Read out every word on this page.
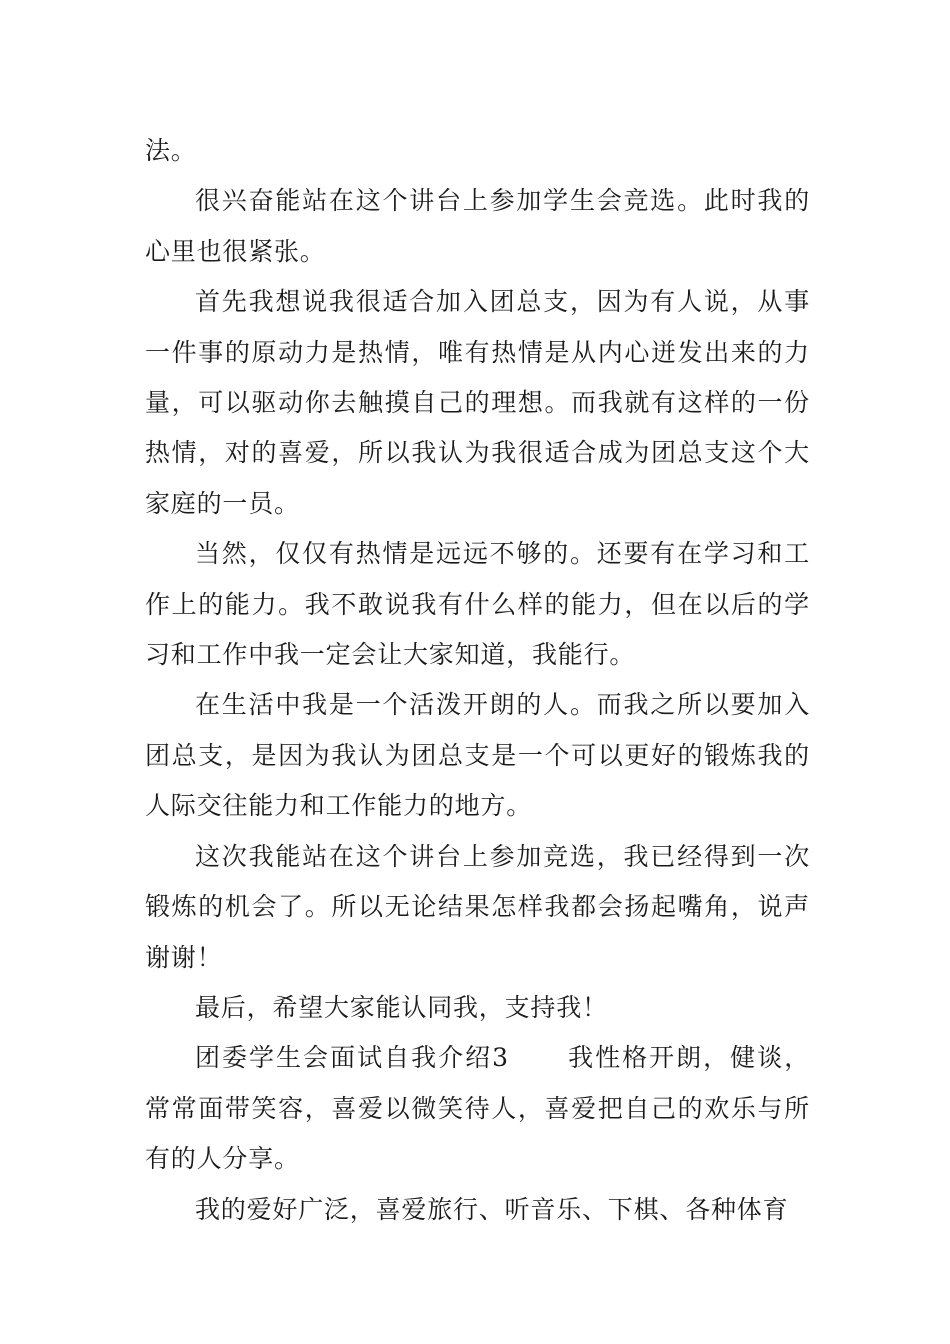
法。

很兴奋能站在这个讲台上参加学生会竞选。此时我的心里也很紧张。

首先我想说我很适合加入团总支，因为有人说，从事一件事的原动力是热情，唯有热情是从内心迸发出来的力量，可以驱动你去触摸自己的理想。而我就有这样的一份热情，对的喜爱，所以我认为我很适合成为团总支这个大家庭的一员。

当然，仅仅有热情是远远不够的。还要有在学习和工作上的能力。我不敢说我有什么样的能力，但在以后的学习和工作中我一定会让大家知道，我能行。

在生活中我是一个活泼开朗的人。而我之所以要加入团总支，是因为我认为团总支是一个可以更好的锻炼我的人际交往能力和工作能力的地方。

这次我能站在这个讲台上参加竞选，我已经得到一次锻炼的机会了。所以无论结果怎样我都会扬起嘴角，说声谢谢！

最后，希望大家能认同我，支持我！

团委学生会面试自我介绍3 我性格开朗，健谈，常常面带笑容，喜爱以微笑待人，喜爱把自己的欢乐与所有的人分享。

我的爱好广泛，喜爱旅行、听音乐、下棋、各种体育
